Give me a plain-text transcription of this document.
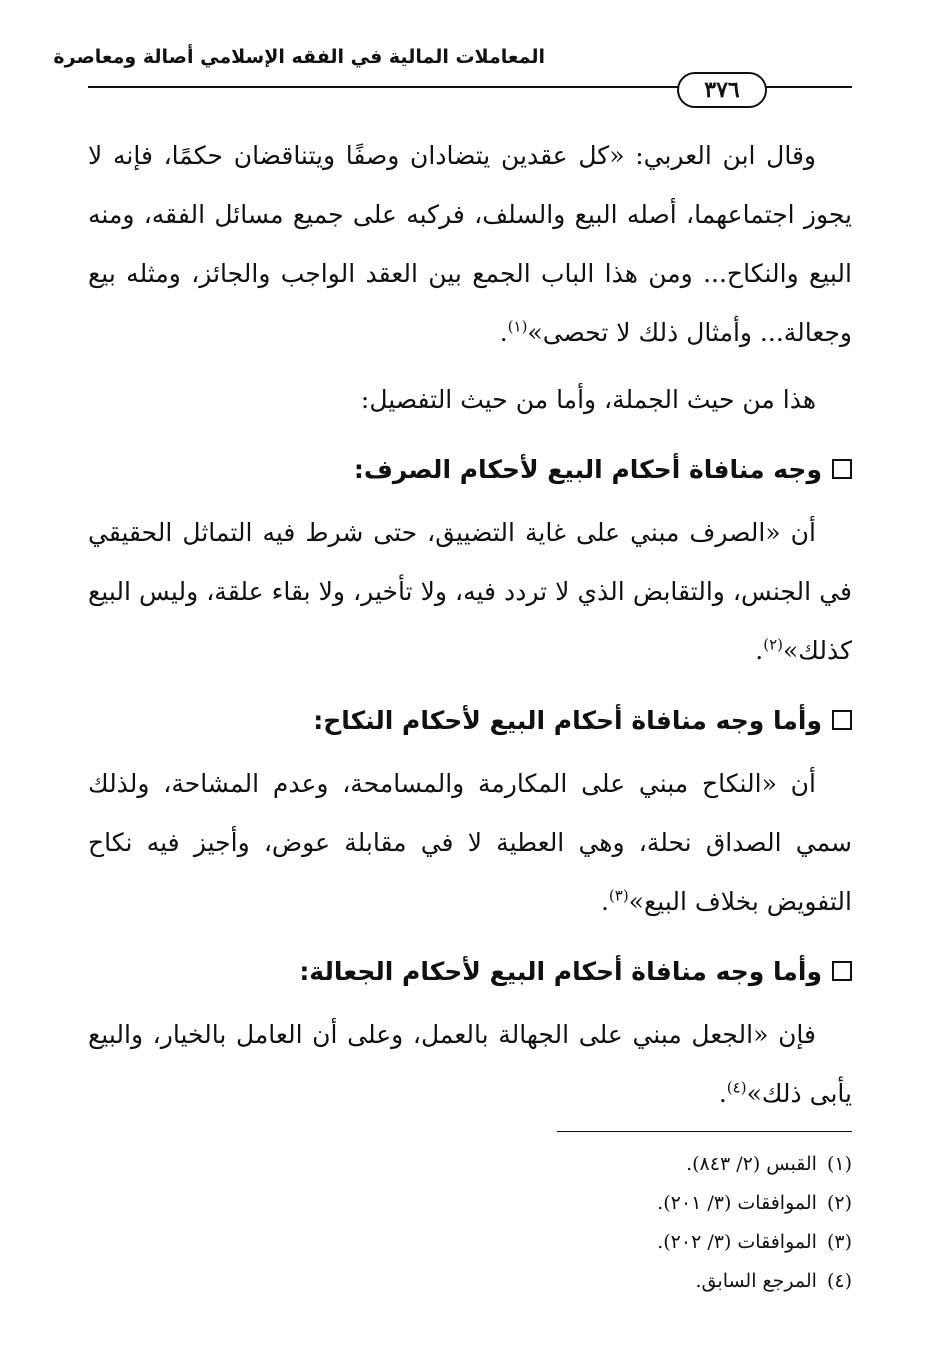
المعاملات المالية في الفقه الإسلامي أصالة ومعاصرة
٣٧٦

وقال ابن العربي: «كل عقدين يتضادان وصفًا ويتناقضان حكمًا، فإنه لا يجوز اجتماعهما، أصله البيع والسلف، فركبه على جميع مسائل الفقه، ومنه البيع والنكاح... ومن هذا الباب الجمع بين العقد الواجب والجائز، ومثله بيع وجعالة... وأمثال ذلك لا تحصى»$^{(١)}$.

هذا من حيث الجملة، وأما من حيث التفصيل:

وجه منافاة أحكام البيع لأحكام الصرف:

أن «الصرف مبني على غاية التضييق، حتى شرط فيه التماثل الحقيقي في الجنس، والتقابض الذي لا تردد فيه، ولا تأخير، ولا بقاء علقة، وليس البيع كذلك»$^{(٢)}$.

وأما وجه منافاة أحكام البيع لأحكام النكاح:

أن «النكاح مبني على المكارمة والمسامحة، وعدم المشاحة، ولذلك سمي الصداق نحلة، وهي العطية لا في مقابلة عوض، وأجيز فيه نكاح التفويض بخلاف البيع»$^{(٣)}$.

وأما وجه منافاة أحكام البيع لأحكام الجعالة:

فإن «الجعل مبني على الجهالة بالعمل، وعلى أن العامل بالخيار، والبيع يأبى ذلك»$^{(٤)}$.

(١)القبس (٢/ ٨٤٣).
(٢)الموافقات (٣/ ٢٠١).
(٣)الموافقات (٣/ ٢٠٢).
(٤)المرجع السابق.
